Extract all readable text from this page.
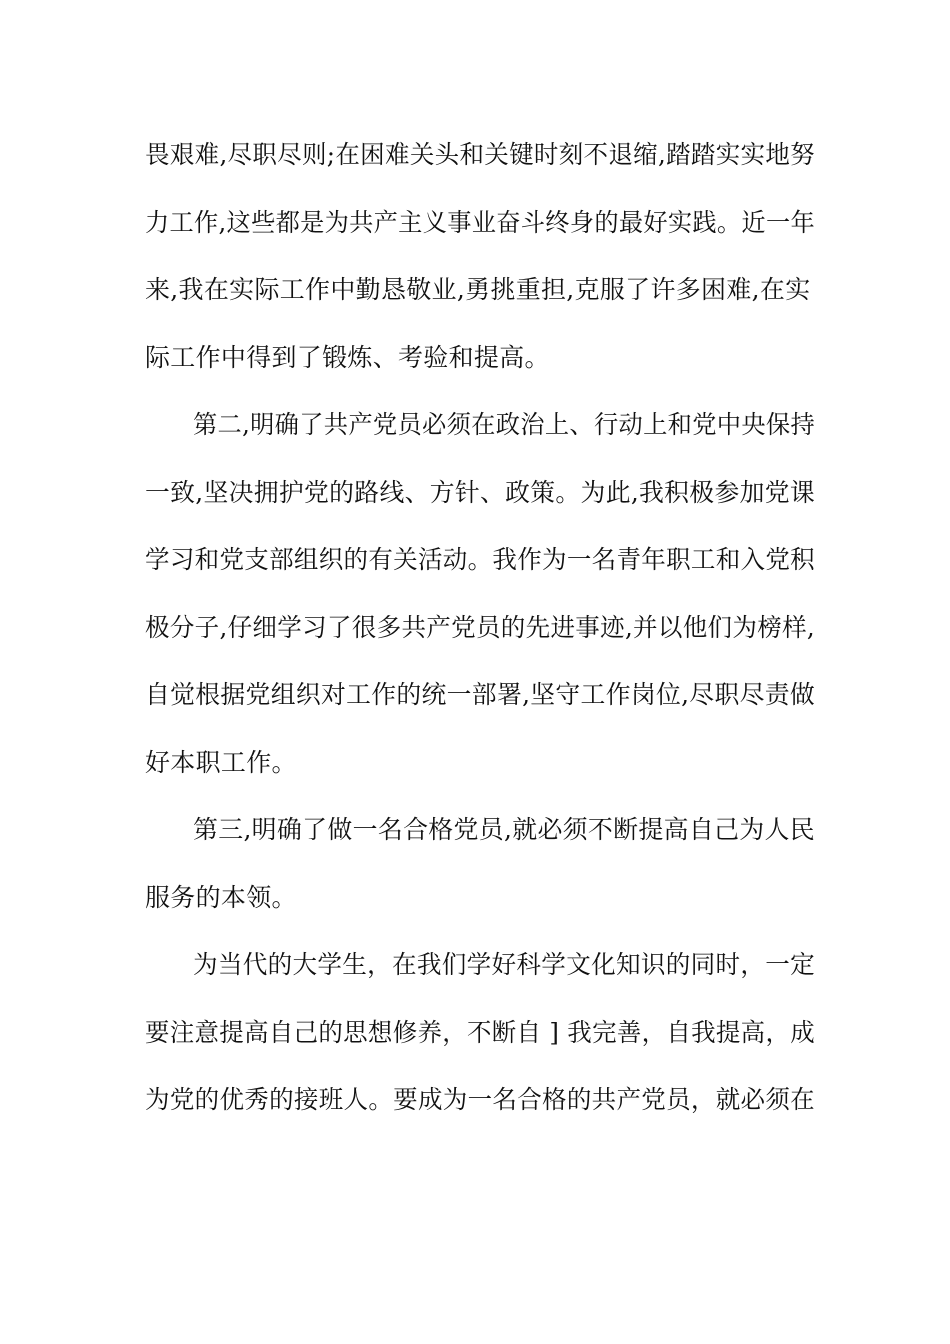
畏艰难,尽职尽则;在困难关头和关键时刻不退缩,踏踏实实地努
力工作,这些都是为共产主义事业奋斗终身的最好实践。近一年
来,我在实际工作中勤恳敬业,勇挑重担,克服了许多困难,在实
际工作中得到了锻炼、考验和提高。
第二,明确了共产党员必须在政治上、行动上和党中央保持
一致,坚决拥护党的路线、方针、政策。为此,我积极参加党课
学习和党支部组织的有关活动。我作为一名青年职工和入党积
极分子,仔细学习了很多共产党员的先进事迹,并以他们为榜样,
自觉根据党组织对工作的统一部署,坚守工作岗位,尽职尽责做
好本职工作。
第三,明确了做一名合格党员,就必须不断提高自己为人民
服务的本领。
为当代的大学生，在我们学好科学文化知识的同时，一定
要注意提高自己的思想修养，不断自 ] 我完善，自我提高，成
为党的优秀的接班人。要成为一名合格的共产党员，就必须在
